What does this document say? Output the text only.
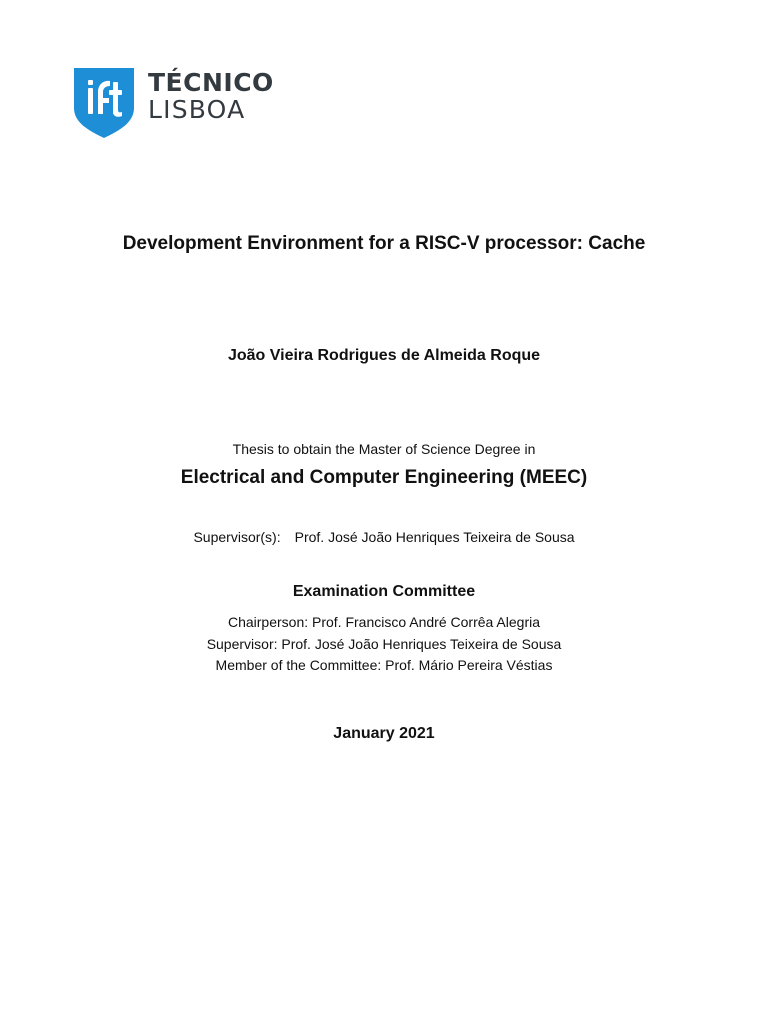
TÉCNICO
LISBOA
Development Environment for a RISC-V processor: Cache
João Vieira Rodrigues de Almeida Roque
Thesis to obtain the Master of Science Degree in
Electrical and Computer Engineering (MEEC)
Supervisor(s): Prof. José João Henriques Teixeira de Sousa
Examination Committee
Chairperson: Prof. Francisco André Corrêa Alegria
Supervisor: Prof. José João Henriques Teixeira de Sousa
Member of the Committee: Prof. Mário Pereira Véstias
January 2021
